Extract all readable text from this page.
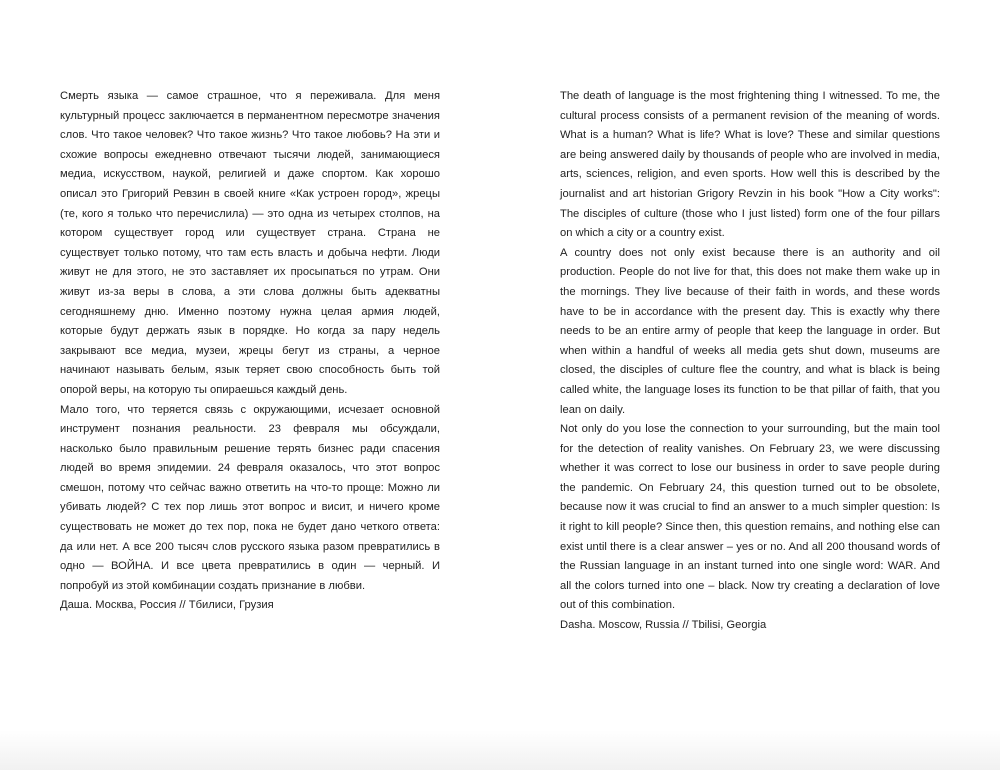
Смерть языка — самое страшное, что я переживала. Для меня культурный процесс заключается в перманентном пересмотре значения слов. Что такое человек? Что такое жизнь? Что такое любовь? На эти и схожие вопросы ежедневно отвечают тысячи людей, занимающиеся медиа, искусством, наукой, религией и даже спортом. Как хорошо описал это Григорий Ревзин в своей книге «Как устроен город», жрецы (те, кого я только что перечислила) — это одна из четырех столпов, на котором существует город или существует страна. Страна не существует только потому, что там есть власть и добыча нефти. Люди живут не для этого, не это заставляет их просыпаться по утрам. Они живут из-за веры в слова, а эти слова должны быть адекватны сегодняшнему дню. Именно поэтому нужна целая армия людей, которые будут держать язык в порядке. Но когда за пару недель закрывают все медиа, музеи, жрецы бегут из страны, а черное начинают называть белым, язык теряет свою способность быть той опорой веры, на которую ты опираешься каждый день.

Мало того, что теряется связь с окружающими, исчезает основной инструмент познания реальности. 23 февраля мы обсуждали, насколько было правильным решение терять бизнес ради спасения людей во время эпидемии. 24 февраля оказалось, что этот вопрос смешон, потому что сейчас важно ответить на что-то проще: Можно ли убивать людей? С тех пор лишь этот вопрос и висит, и ничего кроме существовать не может до тех пор, пока не будет дано четкого ответа: да или нет. А все 200 тысяч слов русского языка разом превратились в одно — ВОЙНА. И все цвета превратились в один — черный. И попробуй из этой комбинации создать признание в любви.

Даша. Москва, Россия // Тбилиси, Грузия

The death of language is the most frightening thing I witnessed. To me, the cultural process consists of a permanent revision of the meaning of words. What is a human? What is life? What is love? These and similar questions are being answered daily by thousands of people who are involved in media, arts, sciences, religion, and even sports. How well this is described by the journalist and art historian Grigory Revzin in his book "How a City works": The disciples of culture (those who I just listed) form one of the four pillars on which a city or a country exist.

A country does not only exist because there is an authority and oil production. People do not live for that, this does not make them wake up in the mornings. They live because of their faith in words, and these words have to be in accordance with the present day. This is exactly why there needs to be an entire army of people that keep the language in order. But when within a handful of weeks all media gets shut down, museums are closed, the disciples of culture flee the country, and what is black is being called white, the language loses its function to be that pillar of faith, that you lean on daily.

Not only do you lose the connection to your surrounding, but the main tool for the detection of reality vanishes. On February 23, we were discussing whether it was correct to lose our business in order to save people during the pandemic. On February 24, this question turned out to be obsolete, because now it was crucial to find an answer to a much simpler question: Is it right to kill people? Since then, this question remains, and nothing else can exist until there is a clear answer – yes or no. And all 200 thousand words of the Russian language in an instant turned into one single word: WAR. And all the colors turned into one – black. Now try creating a declaration of love out of this combination.

Dasha. Moscow, Russia // Tbilisi, Georgia
